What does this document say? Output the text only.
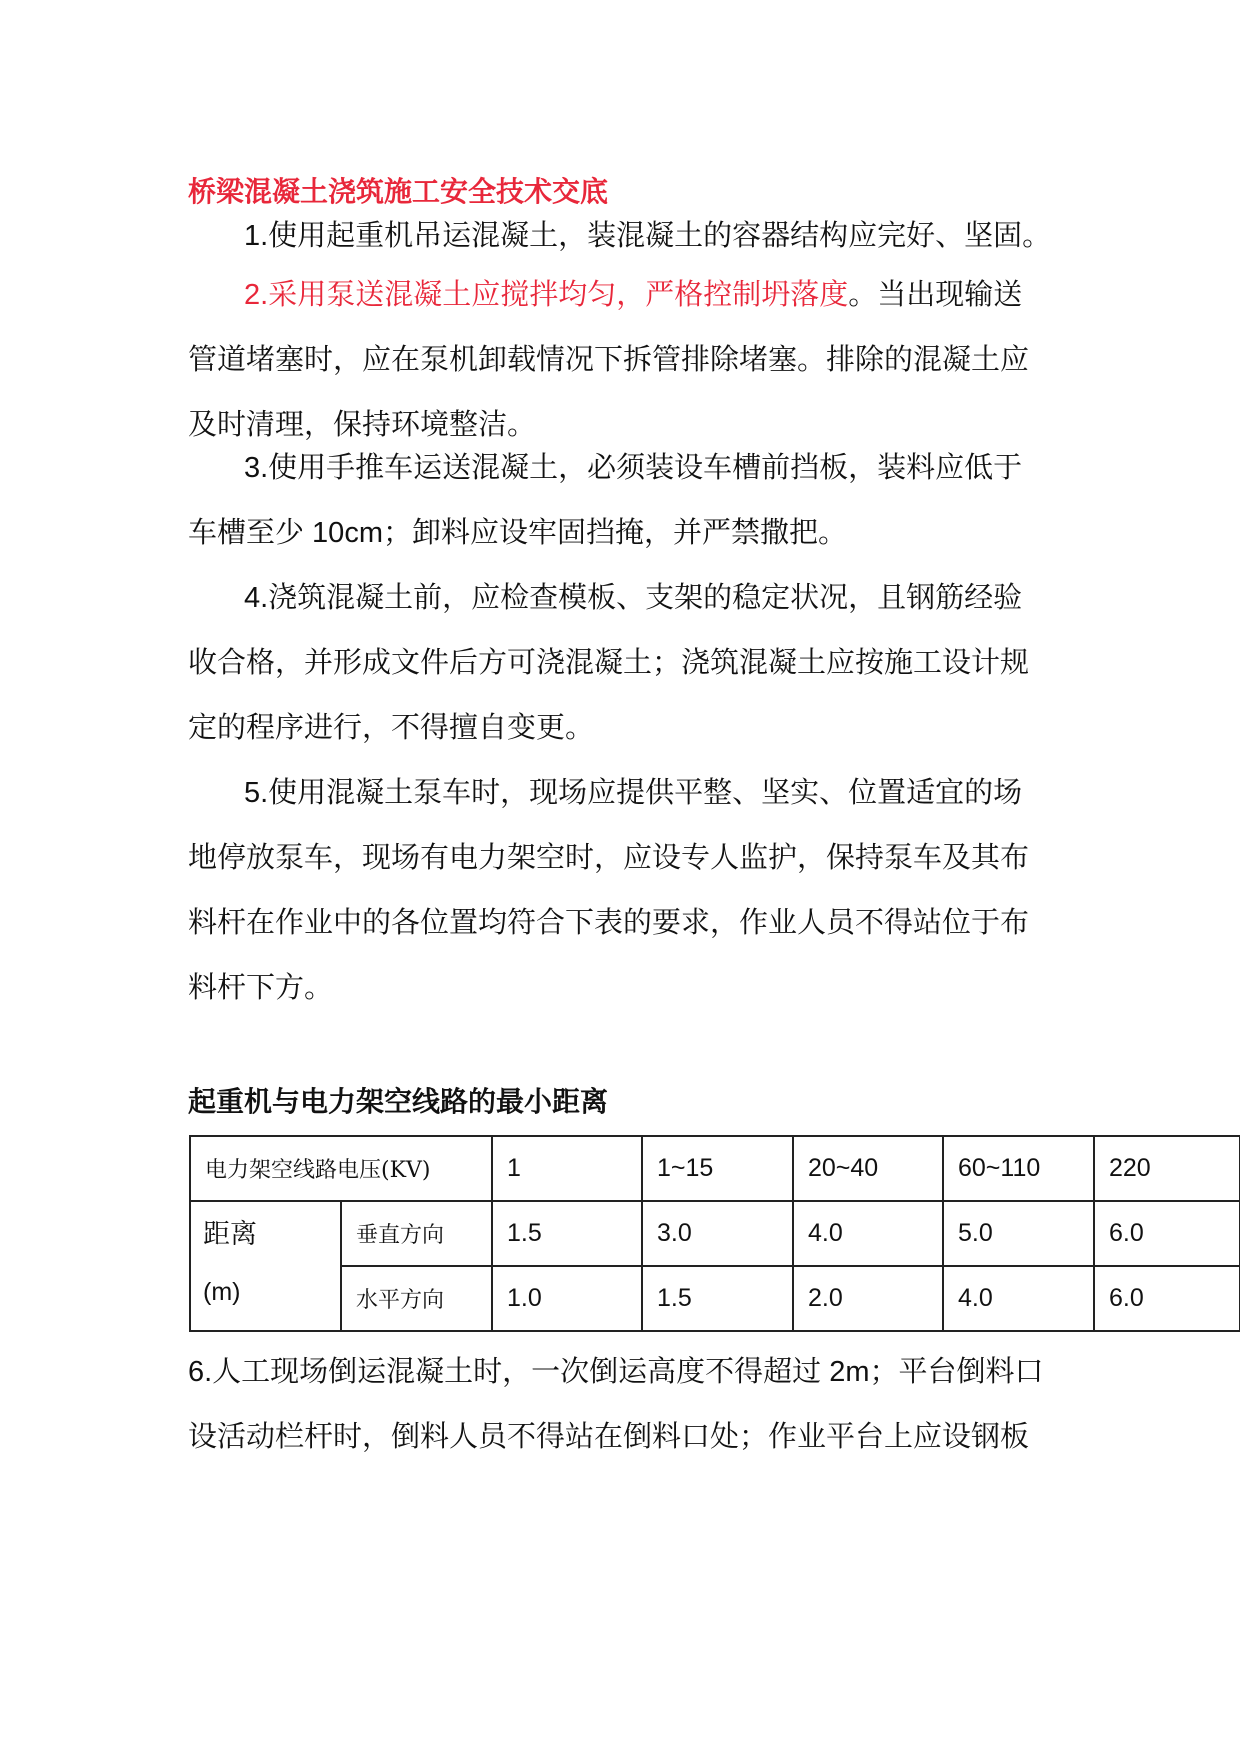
桥梁混凝土浇筑施工安全技术交底
1.使用起重机吊运混凝土，装混凝土的容器结构应完好、坚固。
2.采用泵送混凝土应搅拌均匀，严格控制坍落度。当出现输送
管道堵塞时，应在泵机卸载情况下拆管排除堵塞。排除的混凝土应
及时清理，保持环境整洁。
3.使用手推车运送混凝土，必须装设车槽前挡板，装料应低于
车槽至少 10cm；卸料应设牢固挡掩，并严禁撒把。
4.浇筑混凝土前，应检查模板、支架的稳定状况，且钢筋经验
收合格，并形成文件后方可浇混凝土；浇筑混凝土应按施工设计规
定的程序进行，不得擅自变更。
5.使用混凝土泵车时，现场应提供平整、坚实、位置适宜的场
地停放泵车，现场有电力架空时，应设专人监护，保持泵车及其布
料杆在作业中的各位置均符合下表的要求，作业人员不得站位于布
料杆下方。
起重机与电力架空线路的最小距离
电力架空线路电压(KV)		1	1~15	20~40	60~110	220

距离
(m)	垂直方向	1.5	3.0	4.0	5.0	6.0
	水平方向	1.0	1.5	2.0	4.0	6.0
6.人工现场倒运混凝土时，一次倒运高度不得超过 2m；平台倒料口
设活动栏杆时，倒料人员不得站在倒料口处；作业平台上应设钢板
